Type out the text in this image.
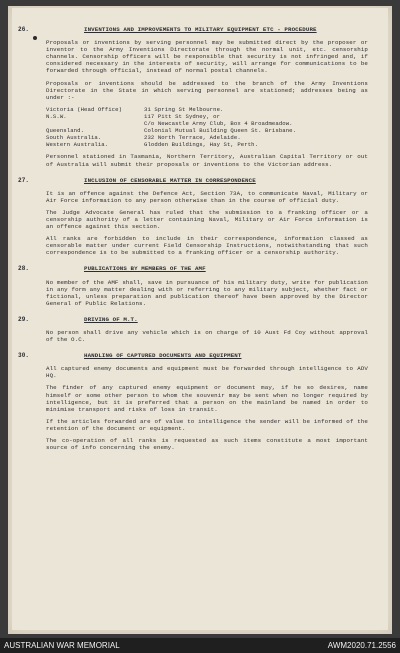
26.	INVENTIONS AND IMPROVEMENTS TO MILITARY EQUIPMENT ETC - PROCEDURE

Proposals or inventions by serving personnel may be submitted direct by the proposer or inventor to the Army Inventions Directorate through the normal unit, etc. censorship channels. Censorship officers will be responsible that security is not infringed and, if considered necessary in the interests of security, will arrange for communications to be forwarded through official, instead of normal postal channels.

Proposals or inventions should be addressed to the branch of the Army Inventions Directorate in the State in which serving personnel are stationed; addresses being as under :-

Victoria (Head Office)	31 Spring St Melbourne.
N.S.W.	117 Pitt St Sydney, or
	C/o Newcastle Army Club, Box 4 Broadmeadow.
Queensland.	Colonial Mutual Building Queen St. Brisbane.
South Australia.	232 North Terrace, Adelaide.
Western Australia.	Glodden Buildings, Hay St, Perth.

Personnel stationed in Tasmania, Northern Territory, Australian Capital Territory or out of Australia will submit their proposals or inventions to the Victorian address.

27.	INCLUSION OF CENSORABLE MATTER IN CORRESPONDENCE

It is an offence against the Defence Act, Section 73A, to communicate Naval, Military or Air Force information to any person otherwise than in the course of official duty.

The Judge Advocate General has ruled that the submission to a franking officer or a censorship authority of a letter containing Naval, Military or Air Force information is an offence against this section.

All ranks are forbidden to include in their correspondence, information classed as censorable matter under current Field Censorship Instructions, notwithstanding that such correspondence is to be submitted to a franking officer or a censorship authority.

28.	PUBLICATIONS BY MEMBERS OF THE AMF

No member of the AMF shall, save in pursuance of his military duty, write for publication in any form any matter dealing with or referring to any military subject, whether fact or fictional, unless preparation and publication thereof have been approved by the Director General of Public Relations.

29.	DRIVING OF M.T.

No person shall drive any vehicle which is on charge of 10 Aust Fd Coy without approval of the O.C.

30.	HANDLING OF CAPTURED DOCUMENTS AND EQUIPMENT

All captured enemy documents and equipment must be forwarded through intelligence to ADV HQ.

The finder of any captured enemy equipment or document may, if he so desires, name himself or some other person to whom the souvenir may be sent when no longer required by intelligence, but it is preferred that a person on the mainland be named in order to minimise transport and risks of loss in transit.

If the articles forwarded are of value to intelligence the sender will be informed of the retention of the document or equipment.

The co-operation of all ranks is requested as such items constitute a most important source of info concerning the enemy.

AUSTRALIAN WAR MEMORIAL	AWM2020.71.2556
